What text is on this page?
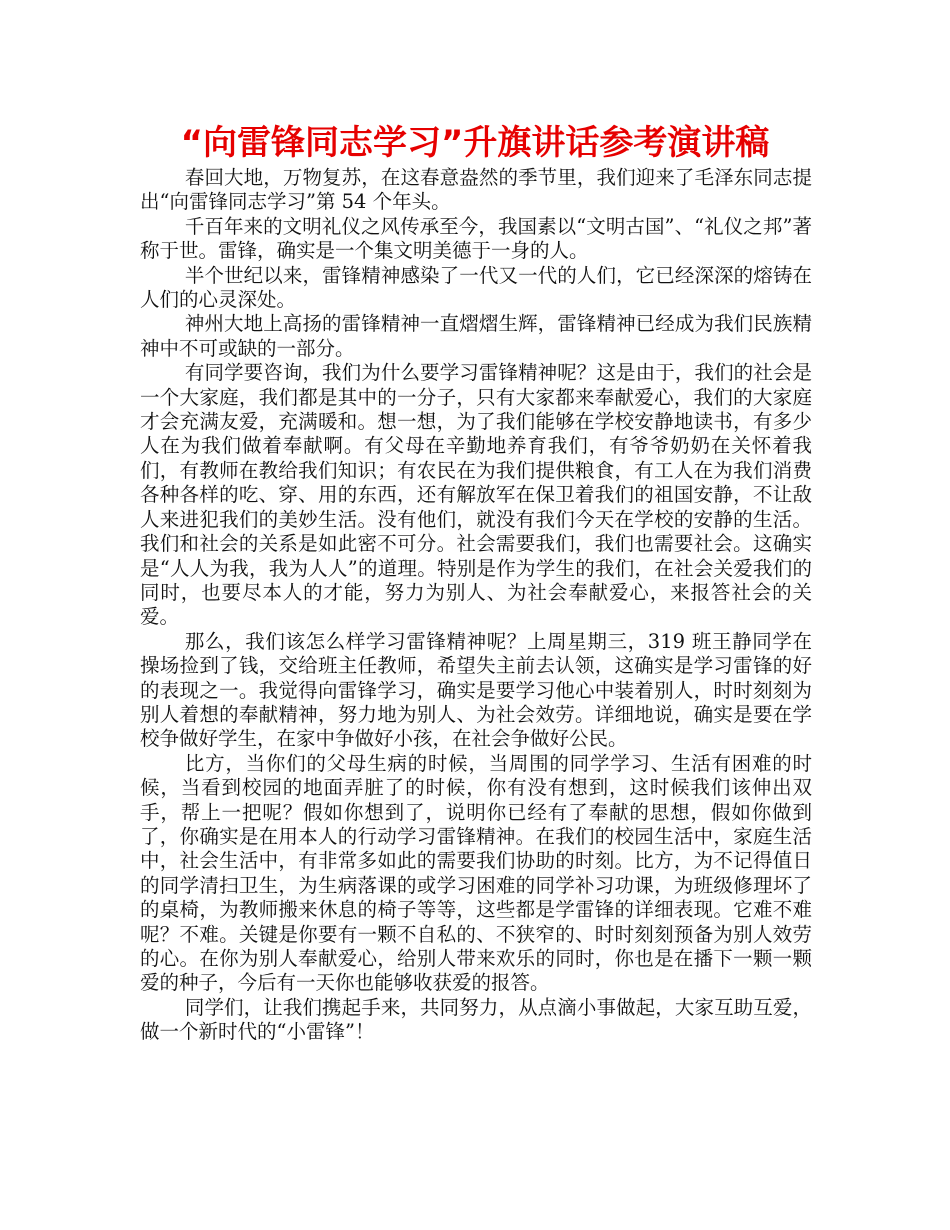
“向雷锋同志学习”升旗讲话参考演讲稿

春回大地，万物复苏，在这春意盎然的季节里，我们迎来了毛泽东同志提出“向雷锋同志学习”第 54 个年头。

千百年来的文明礼仪之风传承至今，我国素以“文明古国”、“礼仪之邦”著称于世。雷锋，确实是一个集文明美德于一身的人。

半个世纪以来，雷锋精神感染了一代又一代的人们，它已经深深的熔铸在人们的心灵深处。

神州大地上高扬的雷锋精神一直熠熠生辉，雷锋精神已经成为我们民族精神中不可或缺的一部分。

有同学要咨询，我们为什么要学习雷锋精神呢？这是由于，我们的社会是一个大家庭，我们都是其中的一分子，只有大家都来奉献爱心，我们的大家庭才会充满友爱，充满暖和。想一想，为了我们能够在学校安静地读书，有多少人在为我们做着奉献啊。有父母在辛勤地养育我们，有爷爷奶奶在关怀着我们，有教师在教给我们知识；有农民在为我们提供粮食，有工人在为我们消费各种各样的吃、穿、用的东西，还有解放军在保卫着我们的祖国安静，不让敌人来进犯我们的美妙生活。没有他们，就没有我们今天在学校的安静的生活。我们和社会的关系是如此密不可分。社会需要我们，我们也需要社会。这确实是“人人为我，我为人人”的道理。特别是作为学生的我们，在社会关爱我们的同时，也要尽本人的才能，努力为别人、为社会奉献爱心，来报答社会的关爱。

那么，我们该怎么样学习雷锋精神呢？上周星期三，319 班王静同学在操场捡到了钱，交给班主任教师，希望失主前去认领，这确实是学习雷锋的好的表现之一。我觉得向雷锋学习，确实是要学习他心中装着别人，时时刻刻为别人着想的奉献精神，努力地为别人、为社会效劳。详细地说，确实是要在学校争做好学生，在家中争做好小孩，在社会争做好公民。

比方，当你们的父母生病的时候，当周围的同学学习、生活有困难的时候，当看到校园的地面弄脏了的时候，你有没有想到，这时候我们该伸出双手，帮上一把呢？假如你想到了，说明你已经有了奉献的思想，假如你做到了，你确实是在用本人的行动学习雷锋精神。在我们的校园生活中，家庭生活中，社会生活中，有非常多如此的需要我们协助的时刻。比方，为不记得值日的同学清扫卫生，为生病落课的或学习困难的同学补习功课，为班级修理坏了的桌椅，为教师搬来休息的椅子等等，这些都是学雷锋的详细表现。它难不难呢？不难。关键是你要有一颗不自私的、不狭窄的、时时刻刻预备为别人效劳的心。在你为别人奉献爱心，给别人带来欢乐的同时，你也是在播下一颗一颗爱的种子，今后有一天你也能够收获爱的报答。

同学们，让我们携起手来，共同努力，从点滴小事做起，大家互助互爱，做一个新时代的“小雷锋”！
